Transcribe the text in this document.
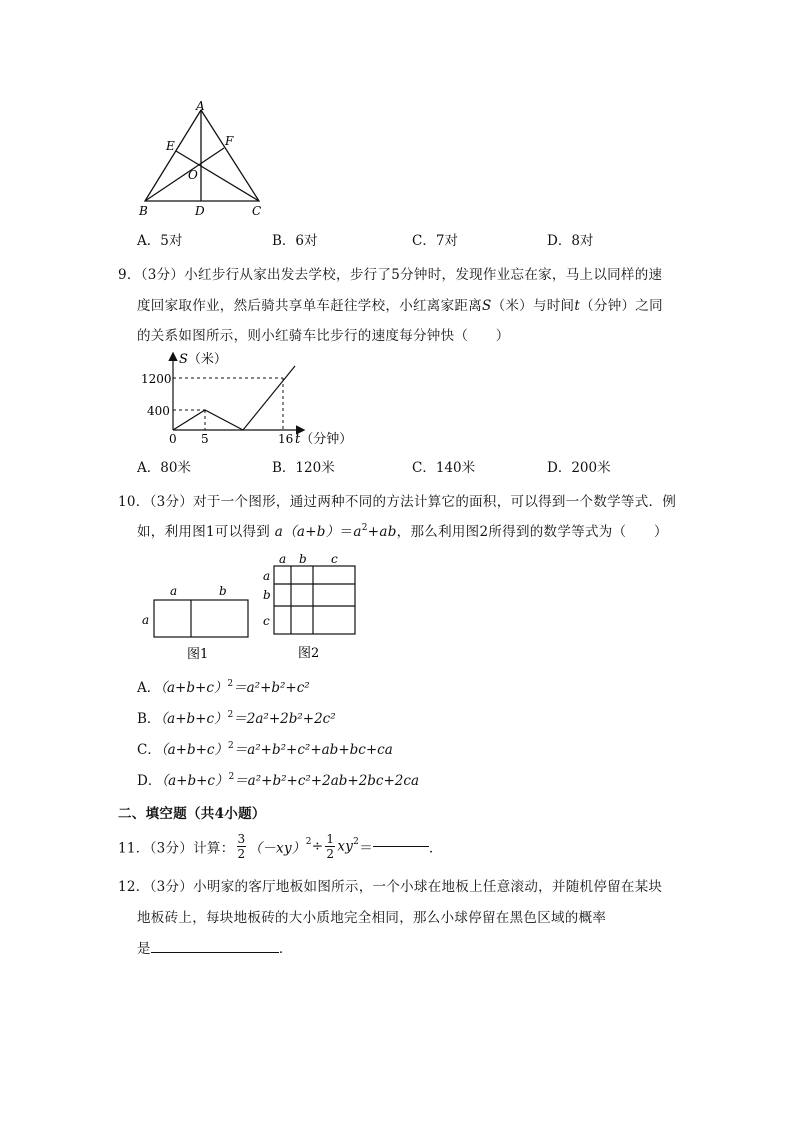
A
E	F
O
B	D	C
A．5对	B．6对	C．7对	D．8对
9．（3分）小红步行从家出发去学校，步行了5分钟时，发现作业忘在家，马上以同样的速
度回家取作业，然后骑共享单车赶往学校，小红离家距离S（米）与时间t（分钟）之同
的关系如图所示，则小红骑车比步行的速度每分钟快（　　）
S（米）
1200
400
0 5	16 t（分钟）
A．80米	B．120米	C．140米	D．200米
10．（3分）对于一个图形，通过两种不同的方法计算它的面积，可以得到一个数学等式．例
如，利用图1可以得到 $a(a+b)=a^2+ab$，那么利用图2所得到的数学等式为（　　）
a	b
a
图1
a b c
a
b
c
图2
A．$(a+b+c)^2=a^2+b^2+c^2$
B．$(a+b+c)^2=2a^2+2b^2+2c^2$
C．$(a+b+c)^2=a^2+b^2+c^2+ab+bc+ca$
D．$(a+b+c)^2=a^2+b^2+c^2+2ab+2bc+2ca$
二、填空题（共4小题）
11．（3分）计算： $\frac{3}{2} (-xy)^2\div \frac{1}{2} xy^2=$	．
12．（3分）小明家的客厅地板如图所示，一个小球在地板上任意滚动，并随机停留在某块
地板砖上，每块地板砖的大小质地完全相同，那么小球停留在黑色区域的概率
是	．
